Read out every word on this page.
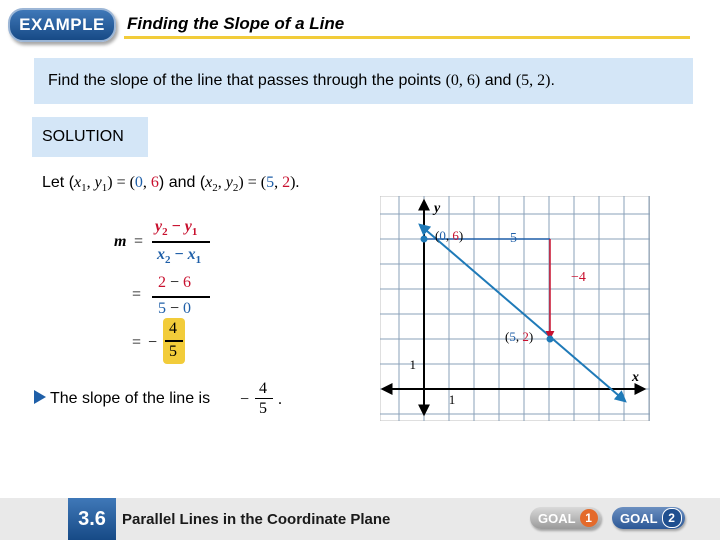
EXAMPLE	Finding the Slope of a Line
Find the slope of the line that passes through the points (0, 6) and (5, 2).
SOLUTION
Let ($x_1$, $y_1) = (0$, 6) and ($x_2$, $y_2) = (5$, 2).
m =
$y_2 - y_1$
$x_2 - x_1$
=
2 − 6
5 − 0
= −
4
5
The slope of the line is −
4
5
.
y
x
1
1
(0, 6)	5
−4
(5, 2)
3.6	Parallel Lines in the Coordinate Plane	GOAL 1	GOAL 2
